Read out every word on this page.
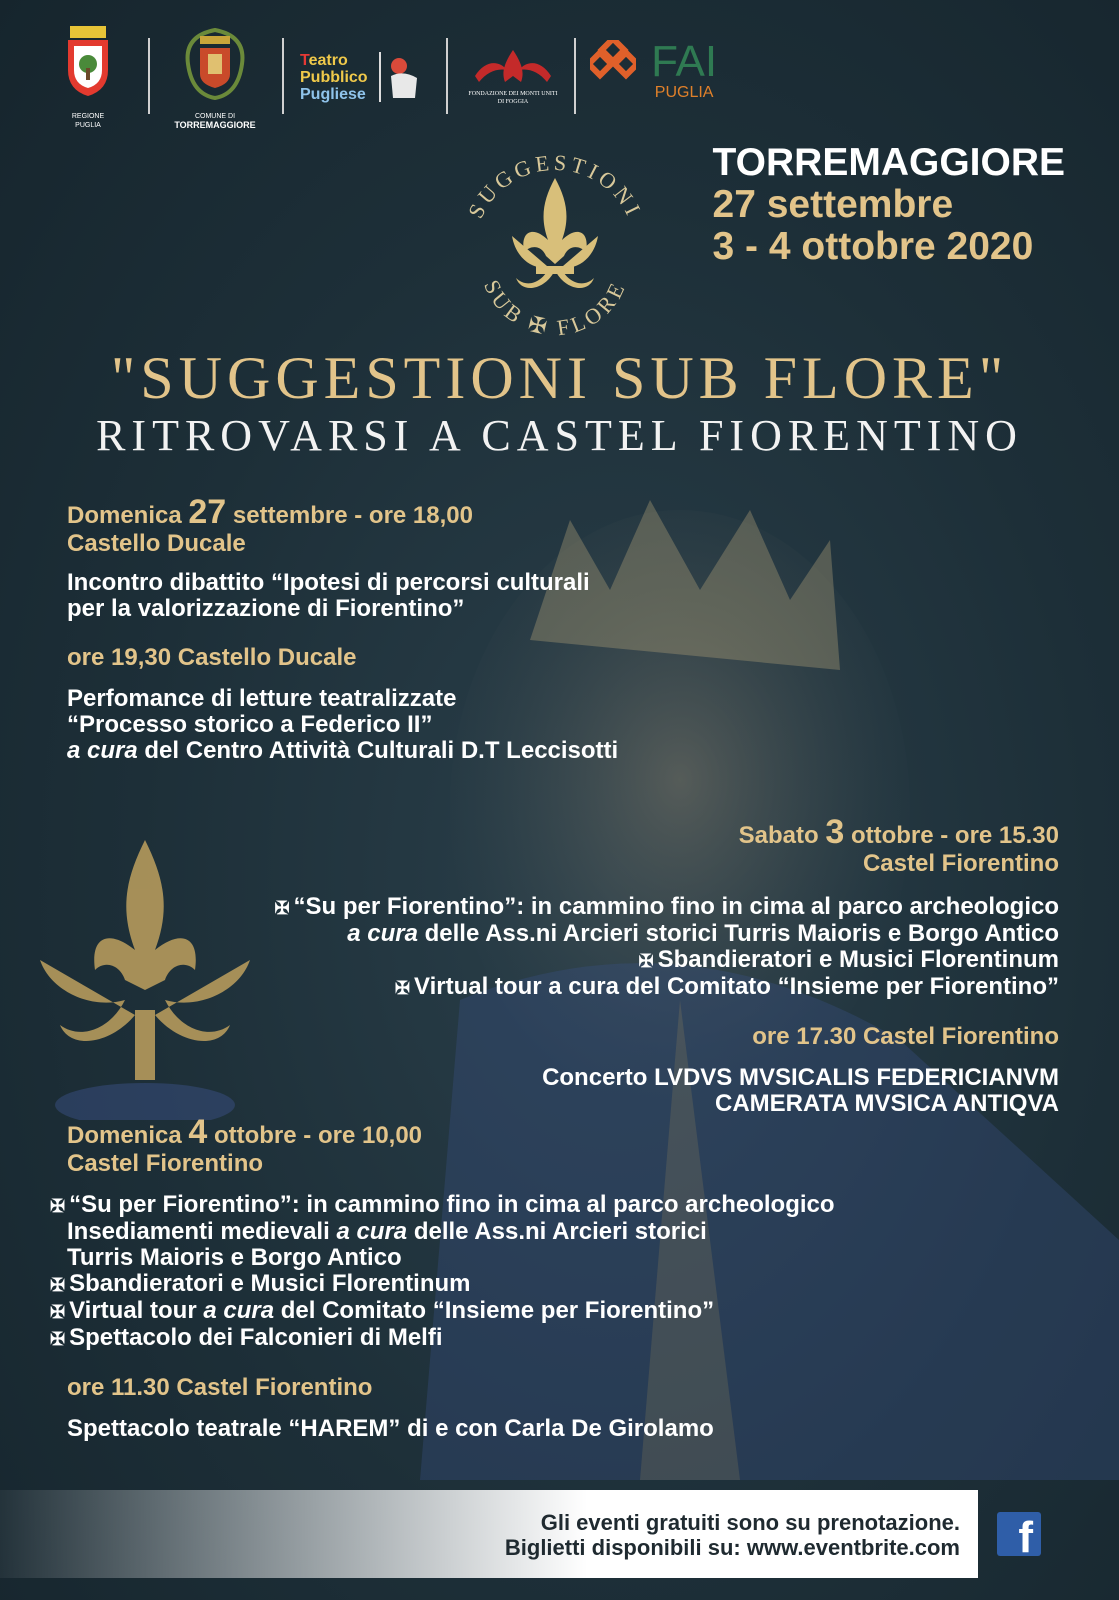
REGIONE
PUGLIA
COMUNE DI
TORREMAGGIORE
Teatro
Pubblico
Pugliese
	FONDAZIONE DEI MONTI UNITI
DI FOGGIA

FAI
PUGLIA
TORREMAGGIORE
27 settembre
3 - 4 ottobre 2020
SUGGESTIONI
SUB ✠ FLORE
"SUGGESTIONI SUB FLORE"
RITROVARSI A CASTEL FIORENTINO
Domenica 27 settembre - ore 18,00
Castello Ducale
Incontro dibattito “Ipotesi di percorsi culturali
per la valorizzazione di Fiorentino”
ore 19,30 Castello Ducale
Perfomance di letture teatralizzate
“Processo storico a Federico II”
a cura del Centro Attività Culturali D.T Leccisotti
Sabato 3 ottobre - ore 15.30
Castel Fiorentino
✠ “Su per Fiorentino”: in cammino fino in cima al parco archeologico
a cura delle Ass.ni Arcieri storici Turris Maioris e Borgo Antico
✠ Sbandieratori e Musici Florentinum
✠ Virtual tour a cura del Comitato “Insieme per Fiorentino”
ore 17.30 Castel Fiorentino
Concerto LVDVS MVSICALIS FEDERICIANVM
CAMERATA MVSICA ANTIQVA
Domenica 4 ottobre - ore 10,00
Castel Fiorentino
✠ “Su per Fiorentino”: in cammino fino in cima al parco archeologico
Insediamenti medievali a cura delle Ass.ni Arcieri storici
Turris Maioris e Borgo Antico
✠ Sbandieratori e Musici Florentinum
✠ Virtual tour a cura del Comitato “Insieme per Fiorentino”
✠ Spettacolo dei Falconieri di Melfi
ore 11.30 Castel Fiorentino
Spettacolo teatrale “HAREM” di e con Carla De Girolamo
Gli eventi gratuiti sono su prenotazione.
Biglietti disponibili su: www.eventbrite.com f
